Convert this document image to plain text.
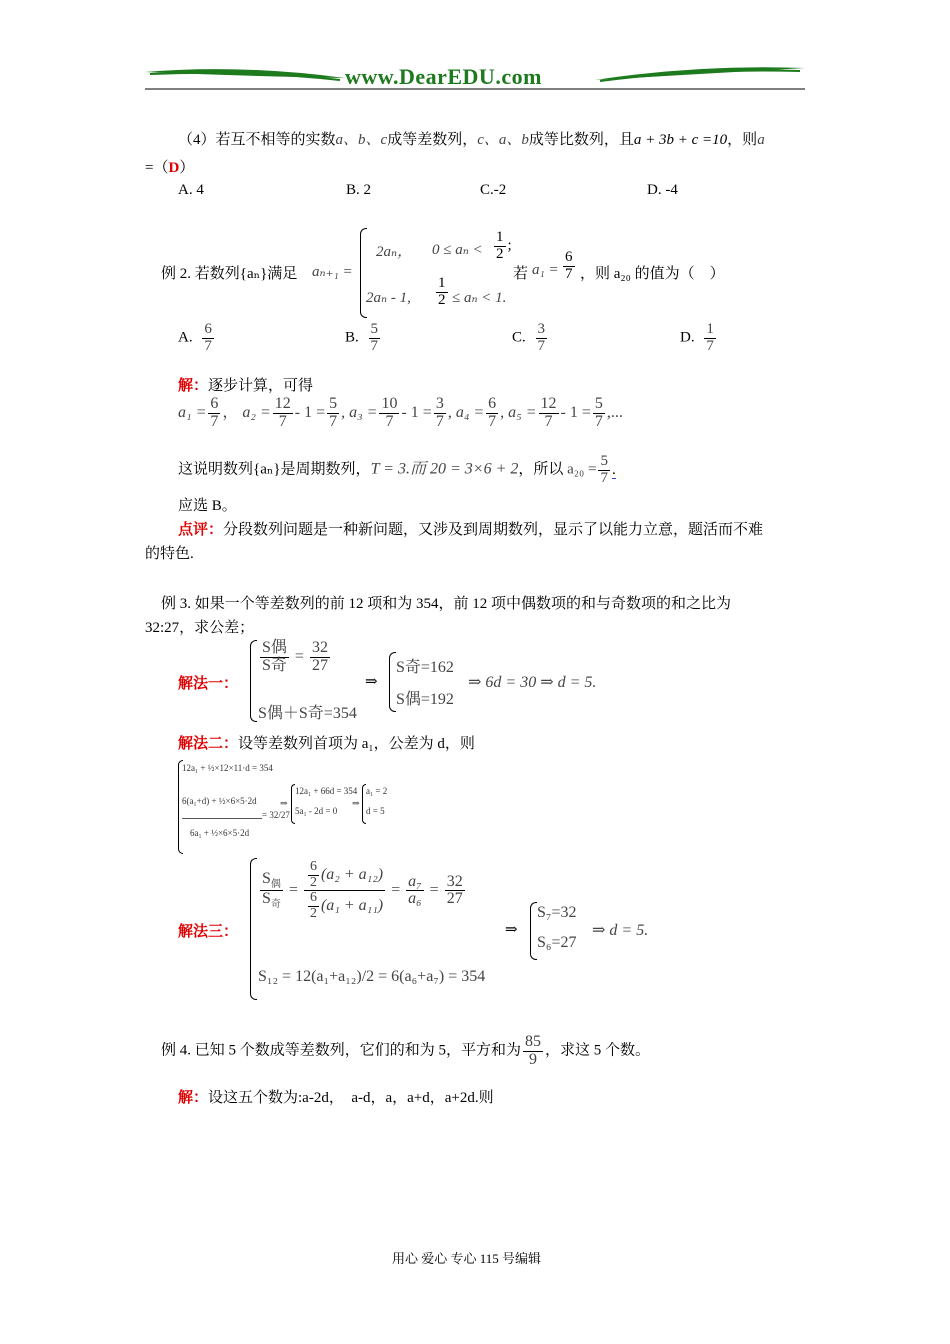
www.DearEDU.com
（4）若互不相等的实数a、b、c成等差数列，c、a、b成等比数列，且a + 3b + c =10，则a
=（D）
A. 4	B. 2	C.-2	D. -4
例 2. 若数列{aₙ}满足 aₙ₊₁ =
2aₙ， $0 \le a_n < \frac{1}{2}$ ;
2aₙ - 1, $\frac{1}{2} \le a_n < 1$.
若 $a_1 = \frac{6}{7}$ ，则 a₂₀ 的值为（　）
A. $\frac{6}{7}$	B. $\frac{5}{7}$	C. $\frac{3}{7}$	D. $\frac{1}{7}$
解：逐步计算，可得
$a_1 = \frac{6}{7}$ ， $a_2 = \frac{12}{7} - 1 = \frac{5}{7}$ , $a_3 = \frac{10}{7} - 1 = \frac{3}{7}$ , $a_4 = \frac{6}{7}$ , $a_5 = \frac{12}{7} - 1 = \frac{5}{7}$ ,...
这说明数列{aₙ}是周期数列，T = 3.而 20 = 3×6 + 2，所以 $a_{20} = \frac{5}{7}$ .
应选 B。
点评：分段数列问题是一种新问题，又涉及到周期数列，显示了以能力立意，题活而不难
的特色.
例 3. 如果一个等差数列的前 12 项和为 354，前 12 项中偶数项的和与奇数项的和之比为
32:27，求公差；
解法一：
$\frac{\text{S偶}}{\text{S奇}} = \frac{32}{27}$
S偶＋S奇=354
⇒
S奇=162
S偶=192
⇒ 6d = 30 ⇒ d = 5.
解法二：设等差数列首项为 a₁，公差为 d，则
12a₁ + ½×12×11·d = 354
6(a₁+d) + ½×6×5·2d
6a₁ + ½×6×5·2d
= 32/27
⇒
12a₁ + 66d = 354
5a₁ - 2d = 0
⇒
a₁ = 2
d = 5
解法三：
$\frac{S_偶}{S_奇} = \frac{\frac{6}{2} (a_2 + a_{12})}{\frac{6}{2} (a_1 + a_{11})} = \frac{\text{a₇}}{\text{a₆}} = \frac{32}{27}$
S₁₂ = 12(a₁+a₁₂)/2 = 6(a₆+a₇) = 354
⇒
S₇=32
S₆=27
⇒ d = 5.
例 4. 已知 5 个数成等差数列，它们的和为 5，平方和为 $\frac{85}{9}$ ，求这 5 个数。
解：设这五个数为:a-2d，　a-d，a，a+d，a+2d.则
用心 爱心 专心 115 号编辑
